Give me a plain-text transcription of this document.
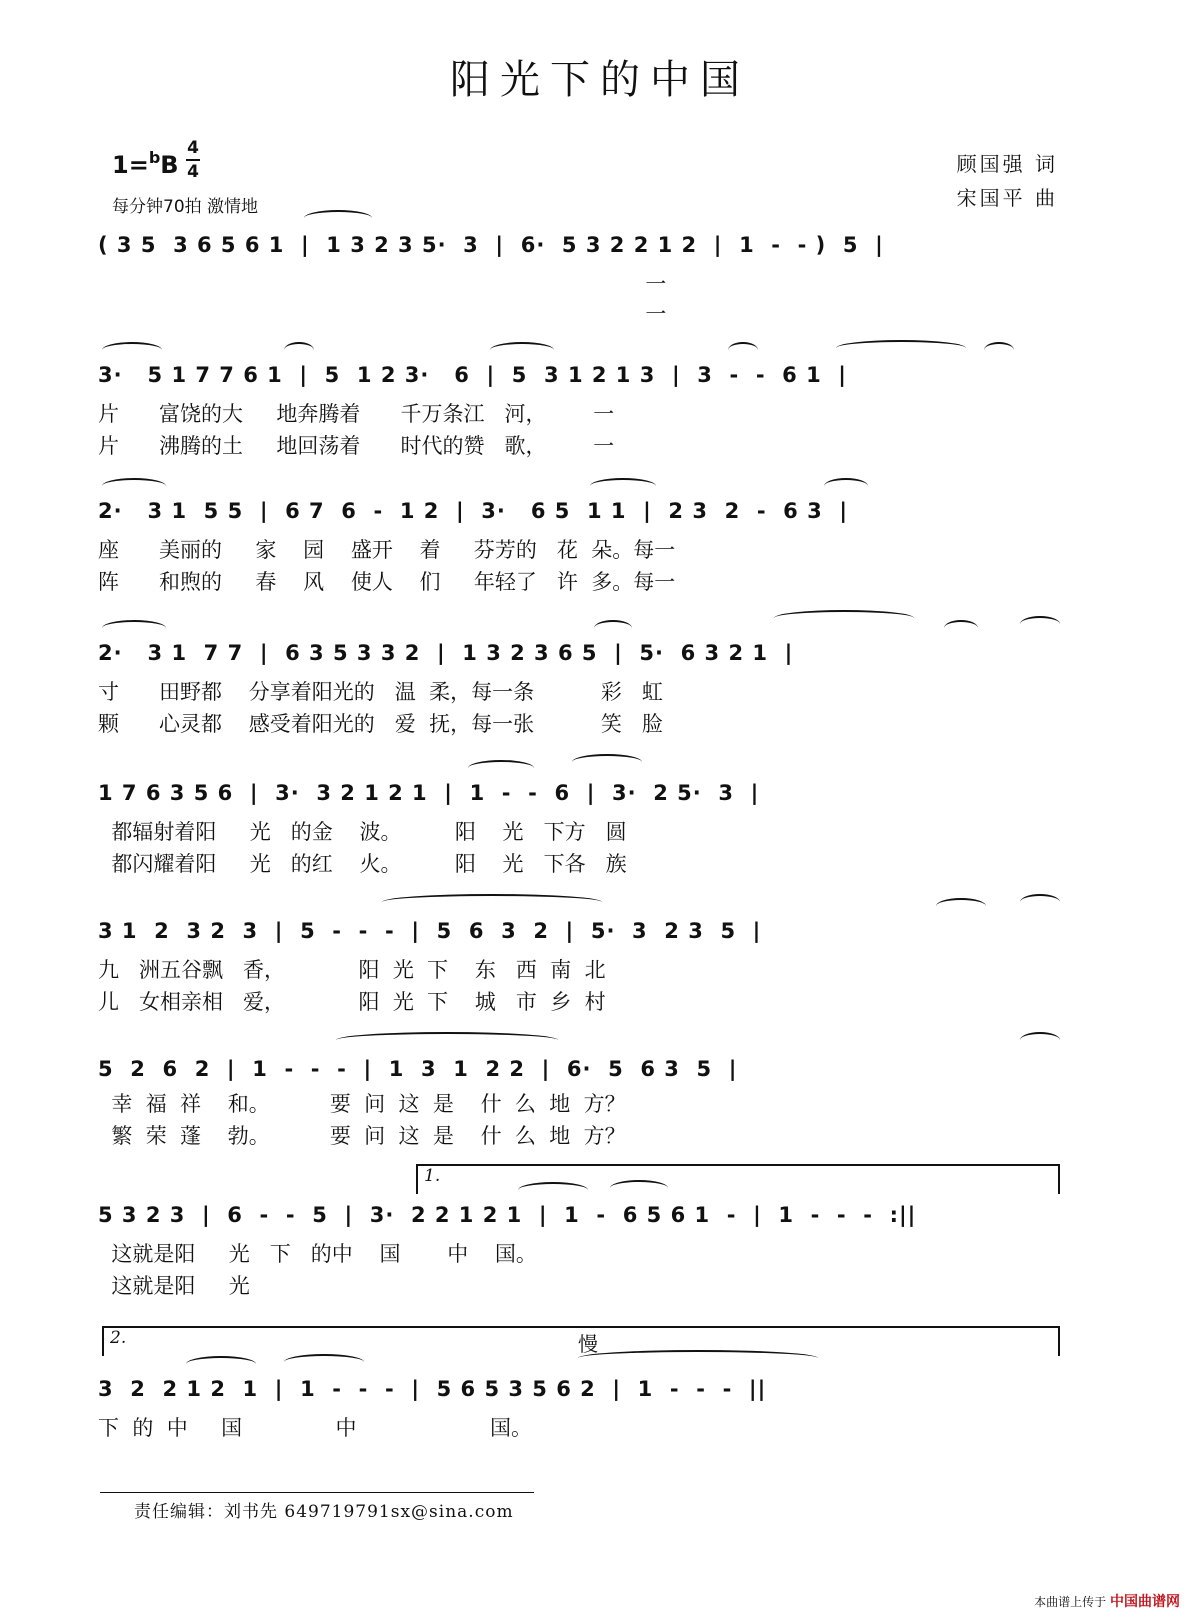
阳光下的中国
1=$^b$B
4
4
每分钟70拍 激情地
顾国强 词
宋国平 曲
( 3 5  3 6 5 6 1  |  1 3 2 3 5·  3  |  6·  5 3 2 2 1 2  |  1  -  - )  5  |
一
一
3·   5 1 7 7 6 1  |  5  1 2 3·   6  |  5  3 1 2 1 3  |  3  -  -  6 1  |
片      富饶的大     地奔腾着      千万条江   河，       一
片      沸腾的土     地回荡着      时代的赞   歌，       一
2·   3 1  5 5  |  6 7  6  -  1 2  |  3·   6 5  1 1  |  2 3  2  -  6 3  |
座      美丽的     家    园    盛开    着     芬芳的   花  朵。每一
阵      和煦的     春    风    使人    们     年轻了   许  多。每一
2·   3 1  7 7  |  6 3 5 3 3 2  |  1 3 2 3 6 5  |  5·  6 3 2 1  |
寸      田野都    分享着阳光的   温  柔，每一条          彩   虹
颗      心灵都    感受着阳光的   爱  抚，每一张          笑   脸
1 7 6 3 5 6  |  3·  3 2 1 2 1  |  1  -  -  6  |  3·  2 5·  3  |
都辐射着阳     光   的金    波。        阳    光   下方   圆
都闪耀着阳     光   的红    火。        阳    光   下各   族
3 1  2  3 2  3  |  5  -  -  -  |  5  6  3  2  |  5·  3  2 3  5  |
九   洲五谷飘   香，           阳  光  下    东   西  南  北
儿   女相亲相   爱，           阳  光  下    城   市  乡  村
5  2  6  2  |  1  -  -  -  |  1  3  1  2 2  |  6·  5  6 3  5  |
幸  福  祥    和。         要  问  这  是    什  么  地  方？
繁  荣  蓬    勃。         要  问  这  是    什  么  地  方？
1.
5 3 2 3  |  6  -  -  5  |  3·  2 2 1 2 1  |  1  -  6 5 6 1  -  |  1  -  -  -  :||
这就是阳     光   下   的中    国       中    国。
这就是阳     光
2.	慢
3  2  2 1 2  1  |  1  -  -  -  |  5 6 5 3 5 6 2  |  1  -  -  -  ||
下  的  中     国              中                    国。
责任编辑：刘书先 649719791sx@sina.com
本曲谱上传于 中国曲谱网
